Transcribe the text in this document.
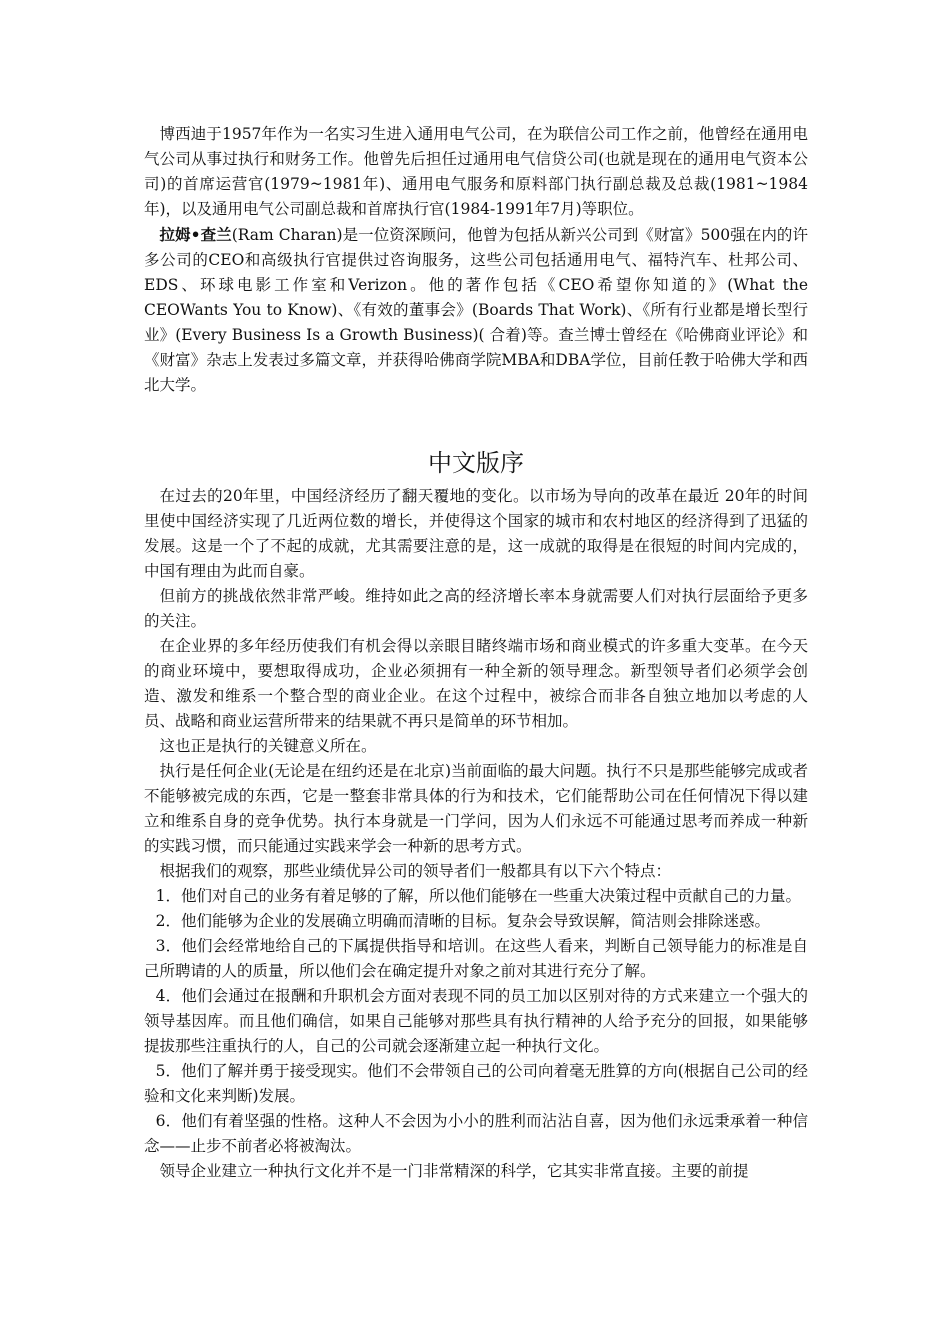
博西迪于1957年作为一名实习生进入通用电气公司，在为联信公司工作之前，他曾经在通用电气公司从事过执行和财务工作。他曾先后担任过通用电气信贷公司(也就是现在的通用电气资本公司)的首席运营官(1979~1981年)、通用电气服务和原料部门执行副总裁及总裁(1981~1984年)，以及通用电气公司副总裁和首席执行官(1984-1991年7月)等职位。

拉姆•查兰(Ram Charan)是一位资深顾问，他曾为包括从新兴公司到《财富》500强在内的许多公司的CEO和高级执行官提供过咨询服务，这些公司包括通用电气、福特汽车、杜邦公司、EDS、环球电影工作室和Verizon。他的著作包括《CEO希望你知道的》(What the CEOWants You to Know)、《有效的董事会》(Boards That Work)、《所有行业都是增长型行业》(Every Business Is a Growth Business)( 合着)等。查兰博士曾经在《哈佛商业评论》和《财富》杂志上发表过多篇文章，并获得哈佛商学院MBA和DBA学位，目前任教于哈佛大学和西北大学。

中文版序

在过去的20年里，中国经济经历了翻天覆地的变化。以市场为导向的改革在最近 20年的时间里使中国经济实现了几近两位数的增长，并使得这个国家的城市和农村地区的经济得到了迅猛的发展。这是一个了不起的成就，尤其需要注意的是，这一成就的取得是在很短的时间内完成的，中国有理由为此而自豪。

但前方的挑战依然非常严峻。维持如此之高的经济增长率本身就需要人们对执行层面给予更多的关注。

在企业界的多年经历使我们有机会得以亲眼目睹终端市场和商业模式的许多重大变革。在今天的商业环境中，要想取得成功，企业必须拥有一种全新的领导理念。新型领导者们必须学会创造、激发和维系一个整合型的商业企业。在这个过程中，被综合而非各自独立地加以考虑的人员、战略和商业运营所带来的结果就不再只是简单的环节相加。

这也正是执行的关键意义所在。

执行是任何企业(无论是在纽约还是在北京)当前面临的最大问题。执行不只是那些能够完成或者不能够被完成的东西，它是一整套非常具体的行为和技术，它们能帮助公司在任何情况下得以建立和维系自身的竞争优势。执行本身就是一门学问，因为人们永远不可能通过思考而养成一种新的实践习惯，而只能通过实践来学会一种新的思考方式。

根据我们的观察，那些业绩优异公司的领导者们一般都具有以下六个特点：

1．他们对自己的业务有着足够的了解，所以他们能够在一些重大决策过程中贡献自己的力量。

2．他们能够为企业的发展确立明确而清晰的目标。复杂会导致误解，简洁则会排除迷惑。

3．他们会经常地给自己的下属提供指导和培训。在这些人看来，判断自己领导能力的标准是自己所聘请的人的质量，所以他们会在确定提升对象之前对其进行充分了解。

4．他们会通过在报酬和升职机会方面对表现不同的员工加以区别对待的方式来建立一个强大的领导基因库。而且他们确信，如果自己能够对那些具有执行精神的人给予充分的回报，如果能够提拔那些注重执行的人，自己的公司就会逐渐建立起一种执行文化。

5．他们了解并勇于接受现实。他们不会带领自己的公司向着毫无胜算的方向(根据自己公司的经验和文化来判断)发展。

6．他们有着坚强的性格。这种人不会因为小小的胜利而沾沾自喜，因为他们永远秉承着一种信念——止步不前者必将被淘汰。

领导企业建立一种执行文化并不是一门非常精深的科学，它其实非常直接。主要的前提
